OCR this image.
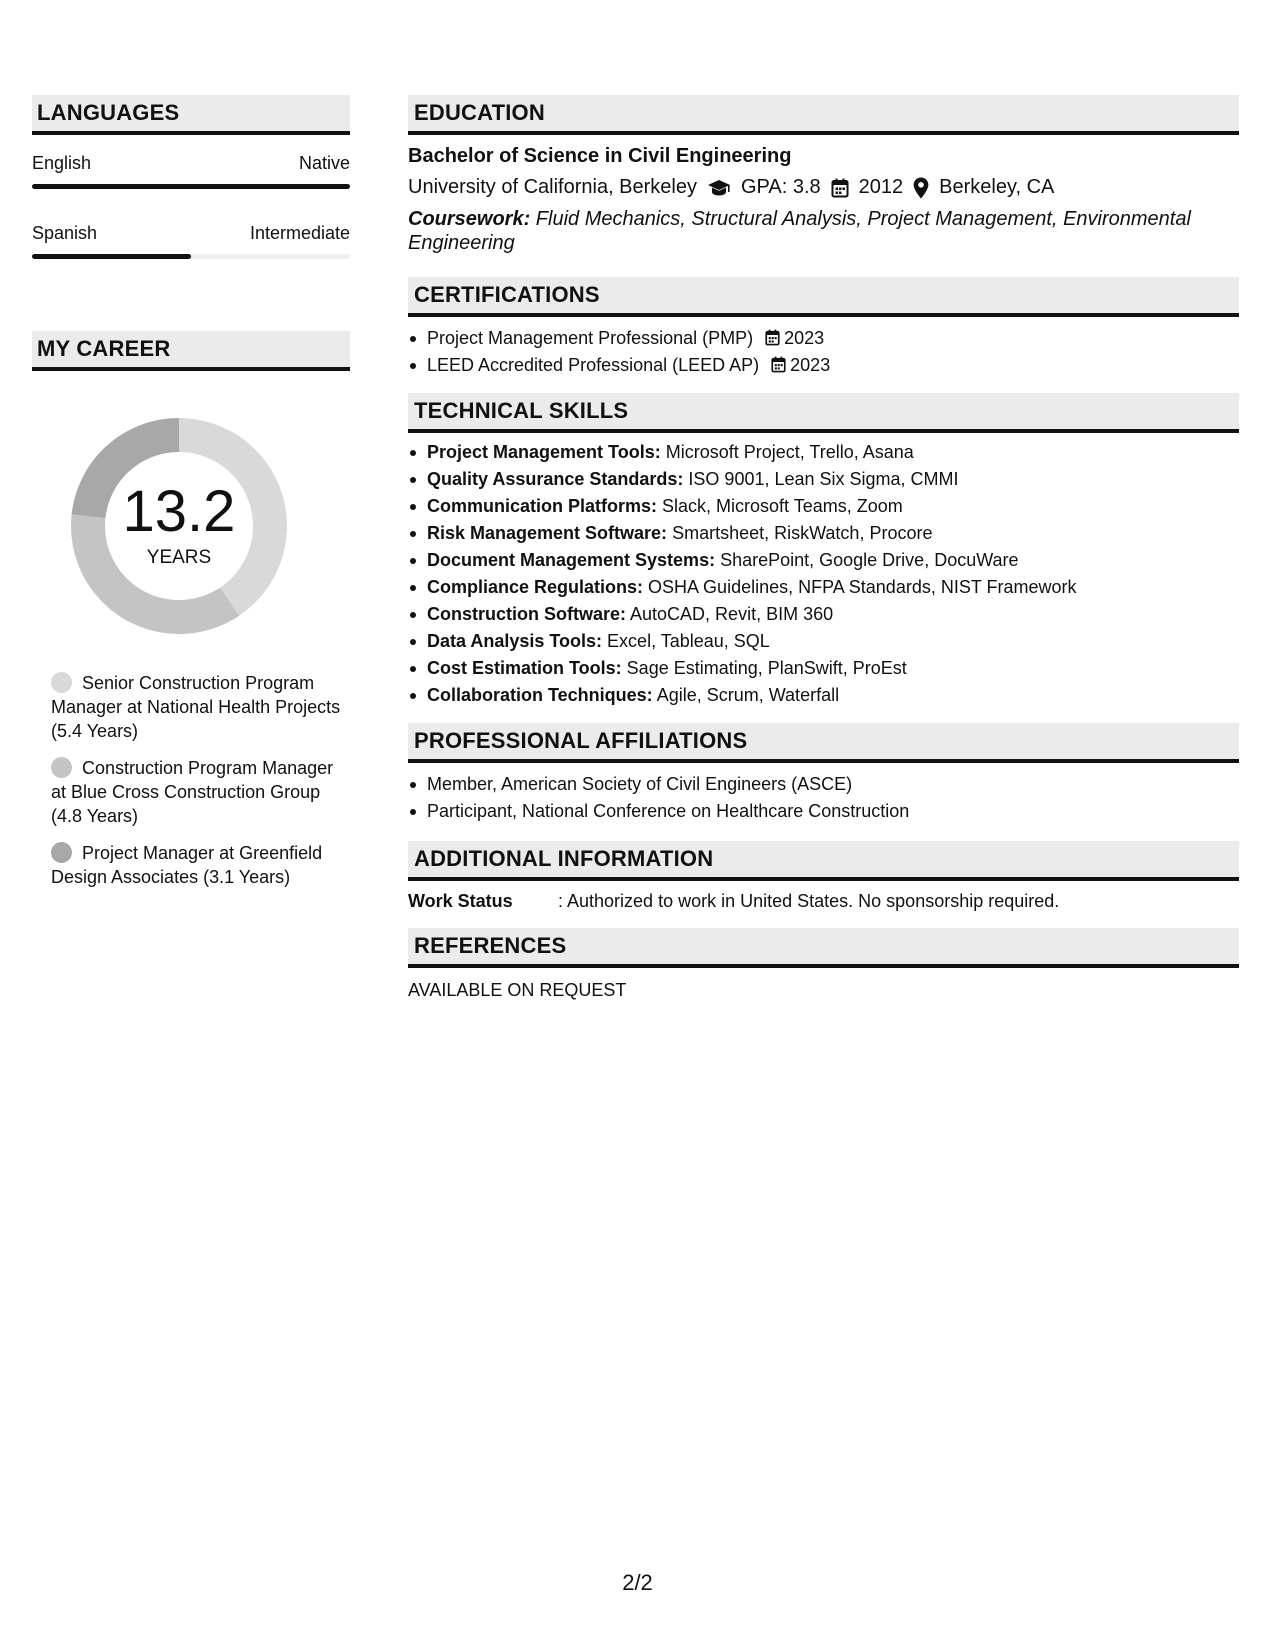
LANGUAGES
English	Native
Spanish	Intermediate
MY CAREER
13.2
YEARS
Senior Construction Program Manager at National Health Projects (5.4 Years)
Construction Program Manager at Blue Cross Construction Group (4.8 Years)
Project Manager at Greenfield Design Associates (3.1 Years)
EDUCATION
Bachelor of Science in Civil Engineering
University of California, Berkeley GPA: 3.8 2012 Berkeley, CA
Coursework: Fluid Mechanics, Structural Analysis, Project Management, Environmental Engineering
CERTIFICATIONS
Project Management Professional (PMP) 2023
LEED Accredited Professional (LEED AP) 2023
TECHNICAL SKILLS
Project Management Tools: Microsoft Project, Trello, Asana
Quality Assurance Standards: ISO 9001, Lean Six Sigma, CMMI
Communication Platforms: Slack, Microsoft Teams, Zoom
Risk Management Software: Smartsheet, RiskWatch, Procore
Document Management Systems: SharePoint, Google Drive, DocuWare
Compliance Regulations: OSHA Guidelines, NFPA Standards, NIST Framework
Construction Software: AutoCAD, Revit, BIM 360
Data Analysis Tools: Excel, Tableau, SQL
Cost Estimation Tools: Sage Estimating, PlanSwift, ProEst
Collaboration Techniques: Agile, Scrum, Waterfall
PROFESSIONAL AFFILIATIONS
Member, American Society of Civil Engineers (ASCE)
Participant, National Conference on Healthcare Construction
ADDITIONAL INFORMATION
Work Status	: Authorized to work in United States. No sponsorship required.
REFERENCES
AVAILABLE ON REQUEST
2/2
